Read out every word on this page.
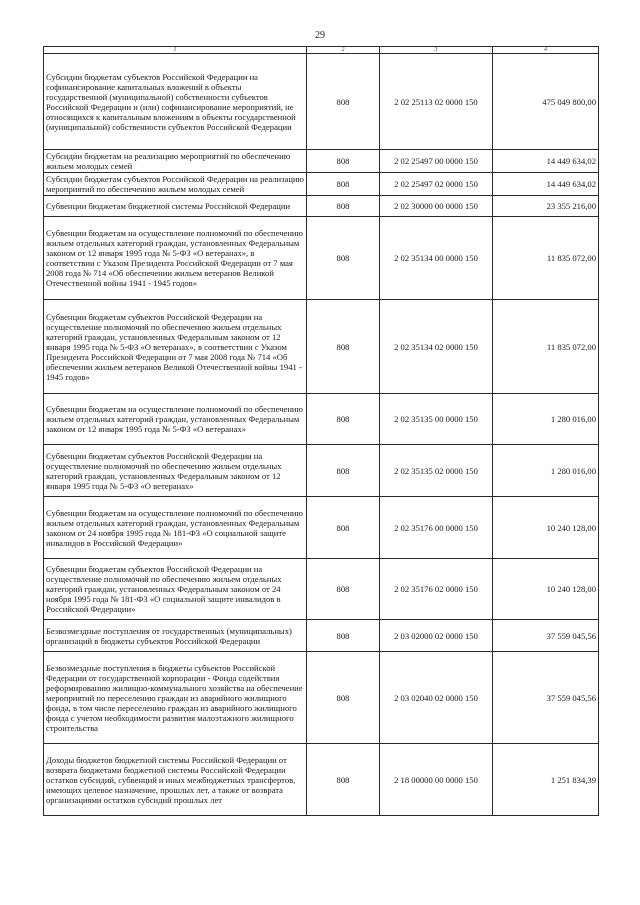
29
1	2	3	4
Субсидии бюджетам субъектов Российской Федерации на софинансирование капитальных вложений в объекты государственной (муниципальной) собственности субъектов Российской Федерации и (или) софинансирование мероприятий, не относящихся к капитальным вложениям в объекты государственной (муниципальной) собственности субъектов Российской Федерации	808	2 02 25113 02 0000 150	475 049 800,00
Субсидии бюджетам на реализацию мероприятий по обеспечению жильем молодых семей	808	2 02 25497 00 0000 150	14 449 634,02
Субсидии бюджетам субъектов Российской Федерации на реализацию мероприятий по обеспечению жильем молодых семей	808	2 02 25497 02 0000 150	14 449 634,02
Субвенции бюджетам бюджетной системы Российской Федерации	808	2 02 30000 00 0000 150	23 355 216,00
Субвенции бюджетам на осуществление полномочий по обеспечению жильем отдельных категорий граждан, установленных Федеральным законом от 12 января 1995 года № 5-ФЗ «О ветеранах», в соответствии с Указом Президента Российской Федерации от 7 мая 2008 года № 714 «Об обеспечении жильем ветеранов Великой Отечественной войны 1941 - 1945 годов»	808	2 02 35134 00 0000 150	11 835 072,00
Субвенции бюджетам субъектов Российской Федерации на осуществление полномочий по обеспечению жильем отдельных категорий граждан, установленных Федеральным законом от 12 января 1995 года № 5-ФЗ «О ветеранах», в соответствии с Указом Президента Российской Федерации от 7 мая 2008 года № 714 «Об обеспечении жильем ветеранов Великой Отечественной войны 1941 - 1945 годов»	808	2 02 35134 02 0000 150	11 835 072,00
Субвенции бюджетам на осуществление полномочий по обеспечению жильем отдельных категорий граждан, установленных Федеральным законом от 12 января 1995 года № 5-ФЗ «О ветеранах»	808	2 02 35135 00 0000 150	1 280 016,00
Субвенции бюджетам субъектов Российской Федерации на осуществление полномочий по обеспечению жильем отдельных категорий граждан, установленных Федеральным законом от 12 января 1995 года № 5-ФЗ «О ветеранах»	808	2 02 35135 02 0000 150	1 280 016,00
Субвенции бюджетам на осуществление полномочий по обеспечению жильем отдельных категорий граждан, установленных Федеральным законом от 24 ноября 1995 года № 181-ФЗ «О социальной защите инвалидов в Российской Федерации»	808	2 02 35176 00 0000 150	10 240 128,00
Субвенции бюджетам субъектов Российской Федерации на осуществление полномочий по обеспечению жильем отдельных категорий граждан, установленных Федеральным законом от 24 ноября 1995 года № 181-ФЗ «О социальной защите инвалидов в Российской Федерации»	808	2 02 35176 02 0000 150	10 240 128,00
Безвозмездные поступления от государственных (муниципальных) организаций в бюджеты субъектов Российской Федерации	808	2 03 02000 02 0000 150	37 559 045,56
Безвозмездные поступления в бюджеты субъектов Российской Федерации от государственной корпорации - Фонда содействия реформированию жилищно-коммунального хозяйства на обеспечение мероприятий по переселению граждан из аварийного жилищного фонда, в том числе переселению граждан из аварийного жилищного фонда с учетом необходимости развития малоэтажного жилищного строительства	808	2 03 02040 02 0000 150	37 559 045,56
Доходы бюджетов бюджетной системы Российской Федерации от возврата бюджетами бюджетной системы Российской Федерации остатков субсидий, субвенций и иных межбюджетных трансфертов, имеющих целевое назначение, прошлых лет, а также от возврата организациями остатков субсидий прошлых лет	808	2 18 00000 00 0000 150	1 251 834,39
